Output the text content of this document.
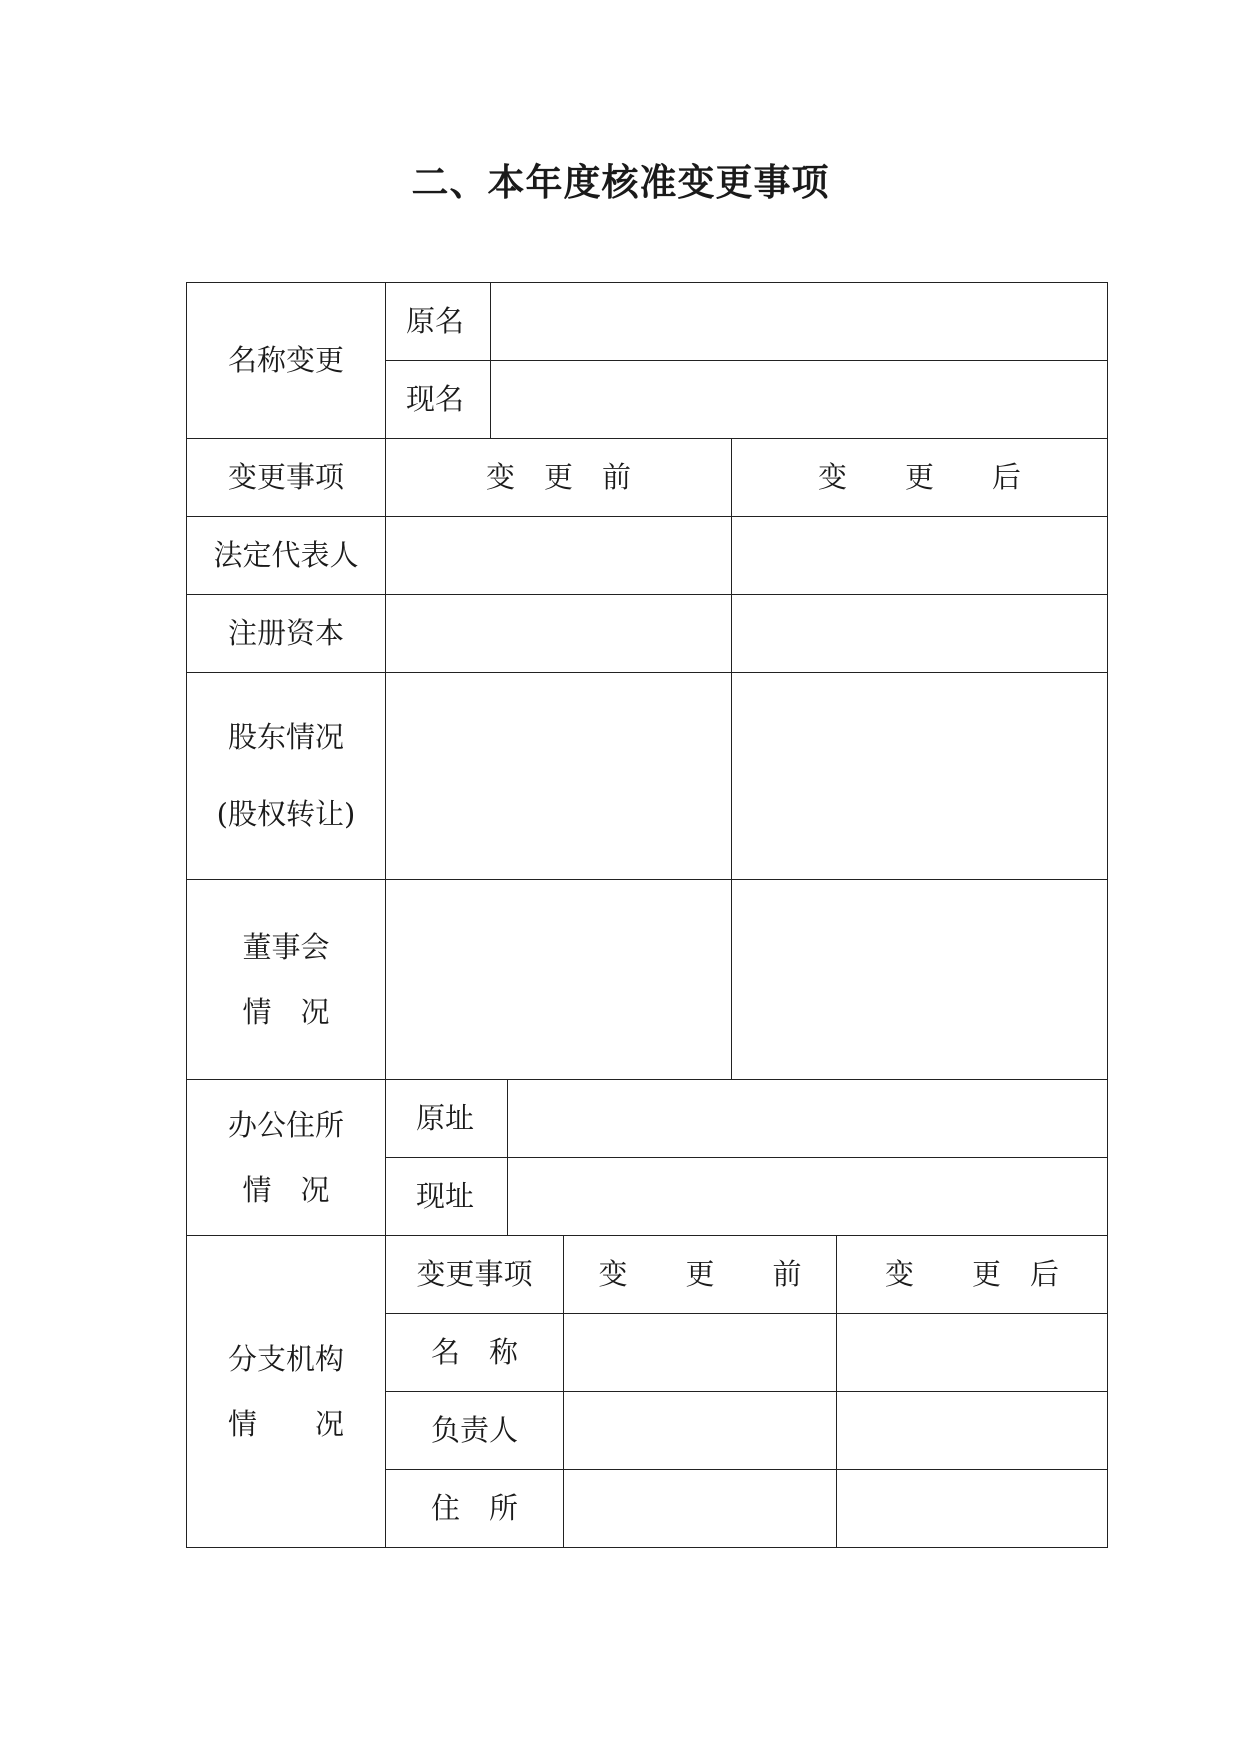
二、本年度核准变更事项
名称变更	原名					

	现名					

变更事项	变　更　前				变　　更　　后	
法定代表人					

注册资本					

股东情况
(股权转让)						

董事会
情　况						

办公住所
情　况	原址					

	现址					

分支机构
情　　况	变更事项			变　　更　　前		变　　更　后
	名　称				

	负责人				

	住　所				
